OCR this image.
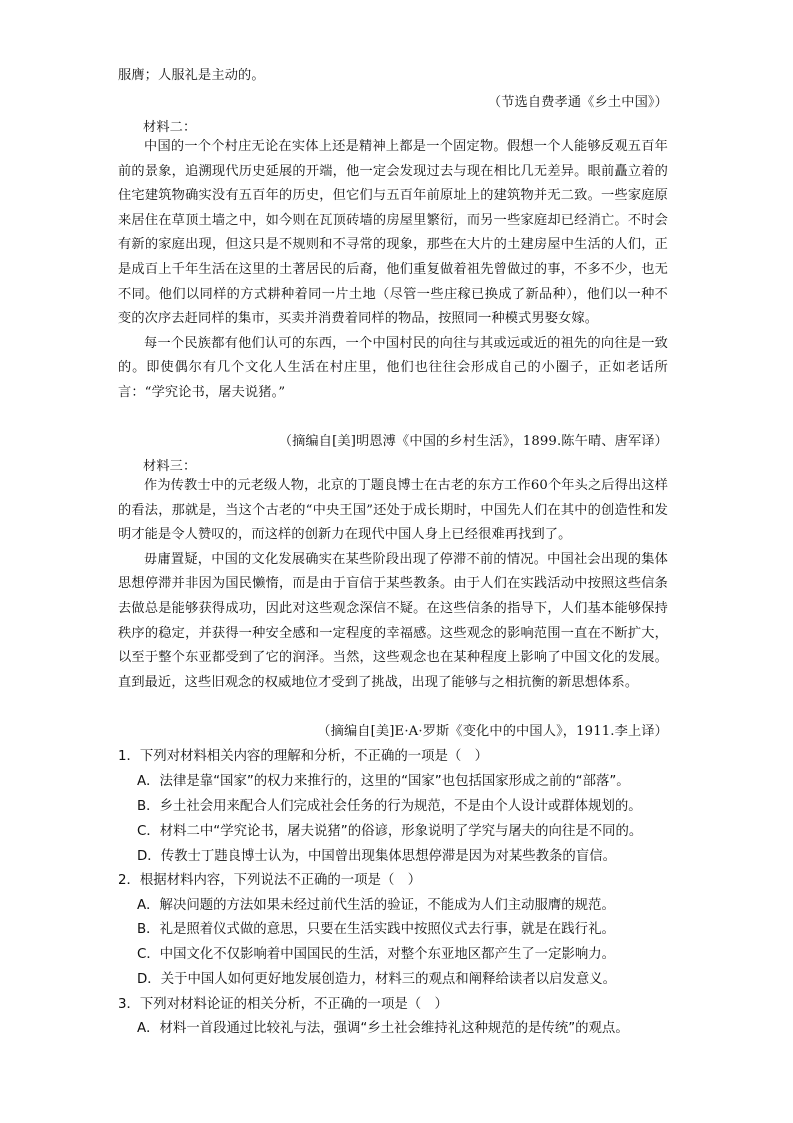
服膺；人服礼是主动的。
（节选自费孝通《乡土中国》）
材料二：

中国的一个个村庄无论在实体上还是精神上都是一个固定物。假想一个人能够反观五百年前的景象，追溯现代历史延展的开端，他一定会发现过去与现在相比几无差异。眼前矗立着的住宅建筑物确实没有五百年的历史，但它们与五百年前原址上的建筑物并无二致。一些家庭原来居住在草顶土墙之中，如今则在瓦顶砖墙的房屋里繁衍，而另一些家庭却已经消亡。不时会有新的家庭出现，但这只是不规则和不寻常的现象，那些在大片的土建房屋中生活的人们，正是成百上千年生活在这里的土著居民的后裔，他们重复做着祖先曾做过的事，不多不少，也无不同。他们以同样的方式耕种着同一片土地（尽管一些庄稼已换成了新品种），他们以一种不变的次序去赶同样的集市，买卖并消费着同样的物品，按照同一种模式男娶女嫁。

每一个民族都有他们认可的东西，一个中国村民的向往与其或远或近的祖先的向往是一致的。即使偶尔有几个文化人生活在村庄里，他们也往往会形成自己的小圈子，正如老话所言：“学究论书，屠夫说猪。”

（摘编自[美]明恩溥《中国的乡村生活》，1899.陈午晴、唐军译）
材料三：

作为传教士中的元老级人物，北京的丁题良博士在古老的东方工作60个年头之后得出这样的看法，那就是，当这个古老的“中央王国”还处于成长期时，中国先人们在其中的创造性和发明才能是令人赞叹的，而这样的创新力在现代中国人身上已经很难再找到了。

毋庸置疑，中国的文化发展确实在某些阶段出现了停滞不前的情况。中国社会出现的集体思想停滞并非因为国民懒惰，而是由于盲信于某些教条。由于人们在实践活动中按照这些信条去做总是能够获得成功，因此对这些观念深信不疑。在这些信条的指导下，人们基本能够保持秩序的稳定，并获得一种安全感和一定程度的幸福感。这些观念的影响范围一直在不断扩大，以至于整个东亚都受到了它的润泽。当然，这些观念也在某种程度上影响了中国文化的发展。直到最近，这些旧观念的权威地位才受到了挑战，出现了能够与之相抗衡的新思想体系。

（摘编自[美]E·A·罗斯《变化中的中国人》，1911.李上译）
1．下列对材料相关内容的理解和分析，不正确的一项是（　）
A．法律是靠“国家”的权力来推行的，这里的“国家”也包括国家形成之前的“部落”。
B．乡土社会用来配合人们完成社会任务的行为规范，不是由个人设计或群体规划的。
C．材料二中“学究论书，屠夫说猪”的俗谚，形象说明了学究与屠夫的向往是不同的。
D．传教士丁韪良博士认为，中国曾出现集体思想停滞是因为对某些教条的盲信。
2．根据材料内容，下列说法不正确的一项是（　）
A．解决问题的方法如果未经过前代生活的验证，不能成为人们主动服膺的规范。
B．礼是照着仪式做的意思，只要在生活实践中按照仪式去行事，就是在践行礼。
C．中国文化不仅影响着中国国民的生活，对整个东亚地区都产生了一定影响力。
D．关于中国人如何更好地发展创造力，材料三的观点和阐释给读者以启发意义。
3．下列对材料论证的相关分析，不正确的一项是（　）
A．材料一首段通过比较礼与法，强调“乡土社会维持礼这种规范的是传统”的观点。
